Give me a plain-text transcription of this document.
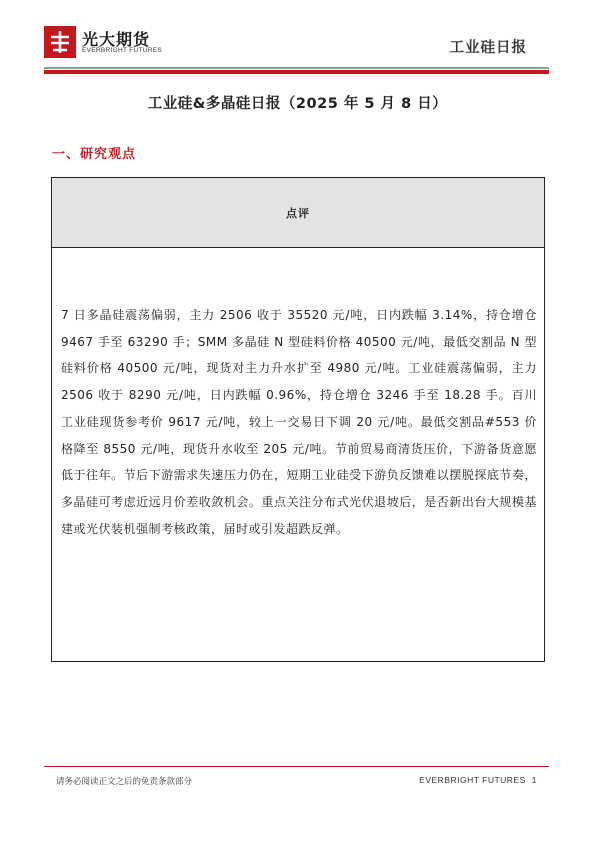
光大期货
EVERBRIGHT FUTURES	工业硅日报
工业硅&多晶硅日报（2025 年 5 月 8 日）
一、研究观点
点评
7 日多晶硅震荡偏弱，主力 2506 收于 35520 元/吨，日内跌幅 3.14%，持仓增仓 9467 手至 63290 手；SMM 多晶硅 N 型硅料价格 40500 元/吨，最低交割品 N 型硅料价格 40500 元/吨，现货对主力升水扩至 4980 元/吨。工业硅震荡偏弱，主力 2506 收于 8290 元/吨，日内跌幅 0.96%，持仓增仓 3246 手至 18.28 手。百川工业硅现货参考价 9617 元/吨，较上一交易日下调 20 元/吨。最低交割品#553 价格降至 8550 元/吨，现货升水收至 205 元/吨。节前贸易商清货压价，下游备货意愿低于往年。节后下游需求失速压力仍在，短期工业硅受下游负反馈难以摆脱探底节奏，多晶硅可考虑近远月价差收敛机会。重点关注分布式光伏退坡后，是否新出台大规模基建或光伏装机强制考核政策，届时或引发超跌反弹。
请务必阅读正文之后的免责条款部分	EVERBRIGHT FUTURES 1
